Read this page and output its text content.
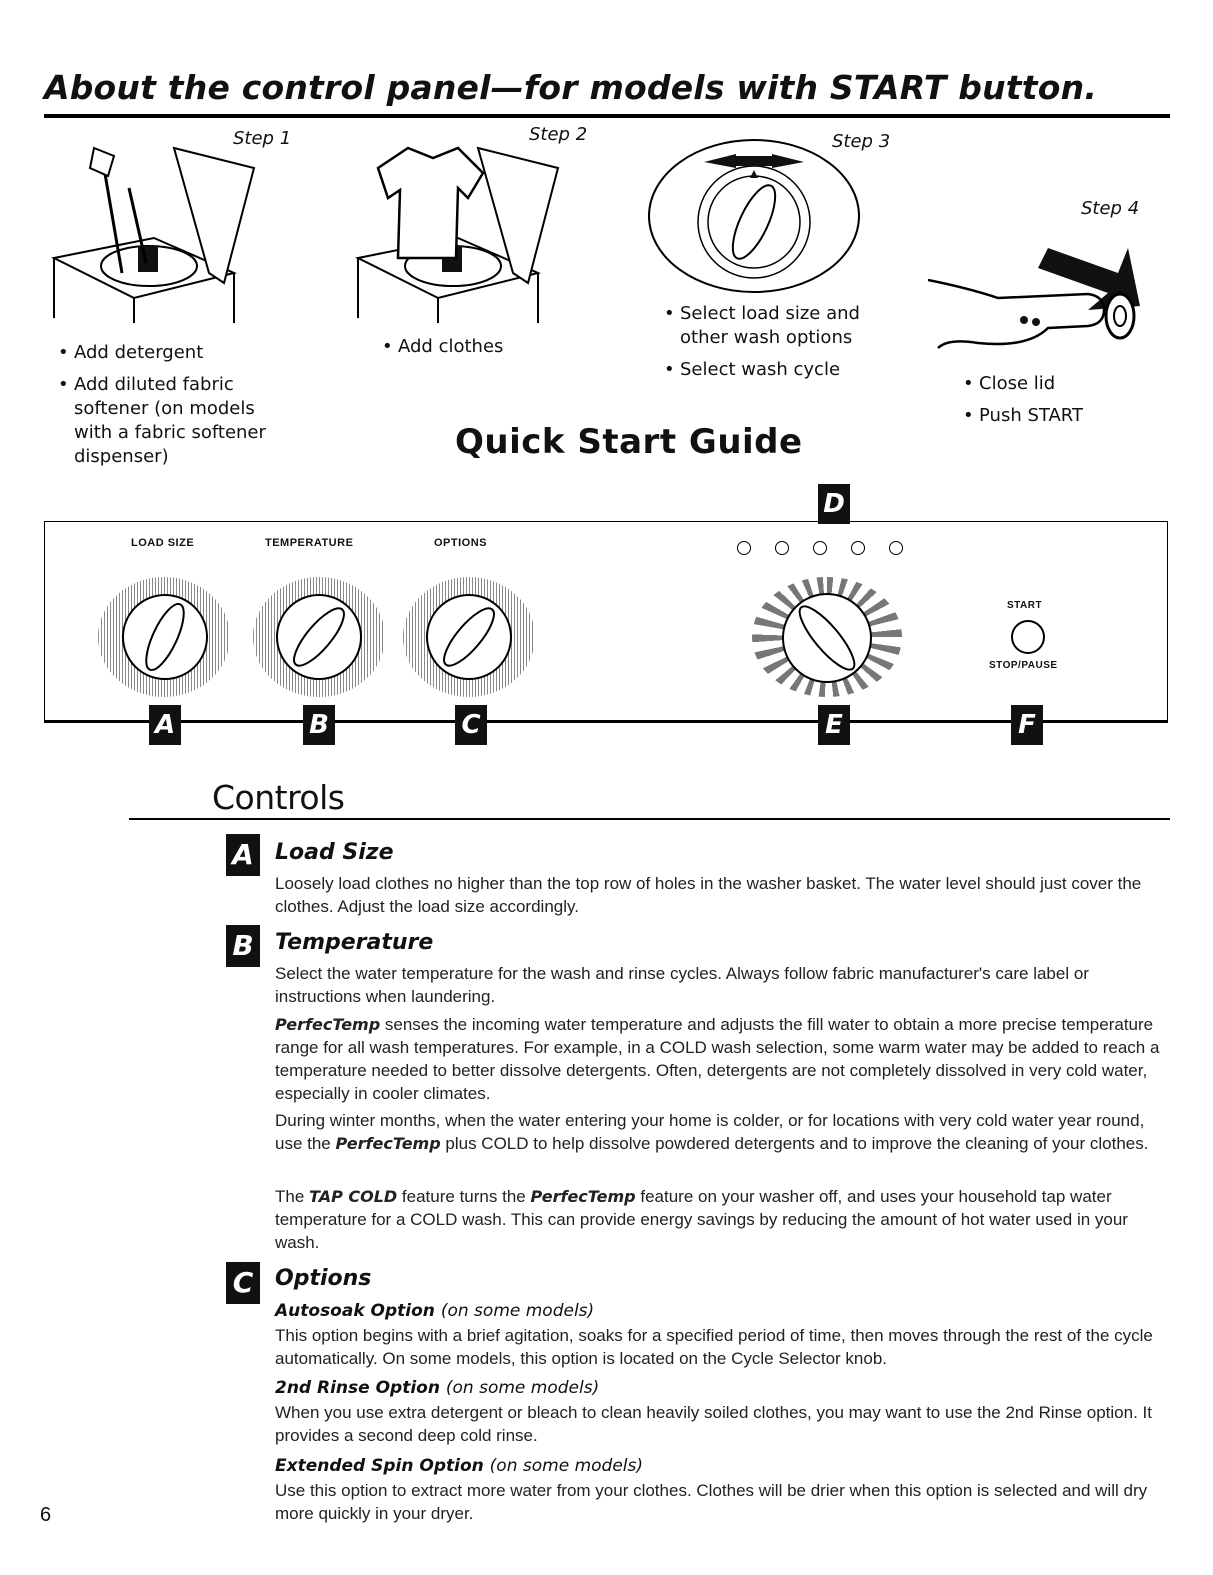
About the control panel—for models with START button.
Step 1
• Add detergent
• Add diluted fabric softener (on models with a fabric softener dispenser)
Step 2
• Add clothes
Step 3
• Select load size and other wash options
• Select wash cycle
Step 4
• Close lid
• Push START
Quick Start Guide
LOAD SIZE	TEMPERATURE	OPTIONS
START
STOP/PAUSE
A	B	C
D
E	F
Controls
A Load Size
Loosely load clothes no higher than the top row of holes in the washer basket. The water level should just cover the clothes. Adjust the load size accordingly.
B Temperature
Select the water temperature for the wash and rinse cycles. Always follow fabric manufacturer's care label or instructions when laundering.
PerfecTemp senses the incoming water temperature and adjusts the fill water to obtain a more precise temperature range for all wash temperatures. For example, in a COLD wash selection, some warm water may be added to reach a temperature needed to better dissolve detergents. Often, detergents are not completely dissolved in very cold water, especially in cooler climates.
During winter months, when the water entering your home is colder, or for locations with very cold water year round, use the PerfecTemp plus COLD to help dissolve powdered detergents and to improve the cleaning of your clothes.
The TAP COLD feature turns the PerfecTemp feature on your washer off, and uses your household tap water temperature for a COLD wash. This can provide energy savings by reducing the amount of hot water used in your wash.
C Options
Autosoak Option (on some models)
This option begins with a brief agitation, soaks for a specified period of time, then moves through the rest of the cycle automatically. On some models, this option is located on the Cycle Selector knob.
2nd Rinse Option (on some models)
When you use extra detergent or bleach to clean heavily soiled clothes, you may want to use the 2nd Rinse option. It provides a second deep cold rinse.
Extended Spin Option (on some models)
Use this option to extract more water from your clothes. Clothes will be drier when this option is selected and will dry more quickly in your dryer.
6
